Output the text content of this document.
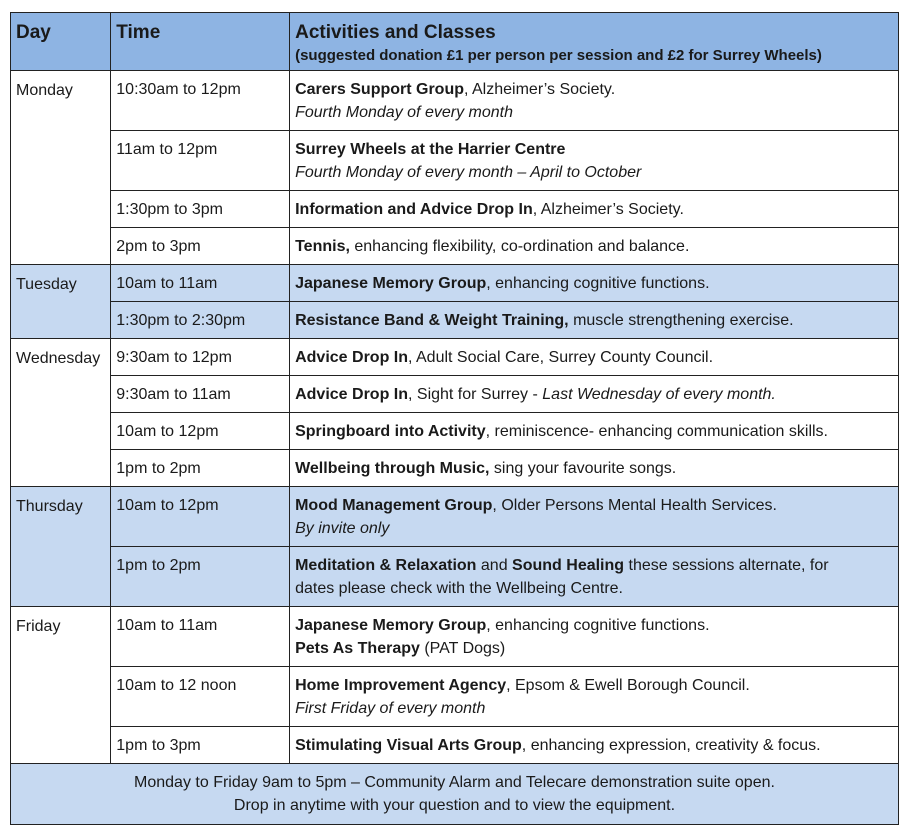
Day	Time	Activities and Classes
(suggested donation £1 per person per session and £2 for Surrey Wheels)

Monday	10:30am to 12pm	Carers Support Group, Alzheimer’s Society.
Fourth Monday of every month

	11am to 12pm	Surrey Wheels at the Harrier Centre
Fourth Monday of every month – April to October

	1:30pm to 3pm	Information and Advice Drop In, Alzheimer’s Society.

	2pm to 3pm	Tennis, enhancing flexibility, co-ordination and balance.

Tuesday	10am to 11am	Japanese Memory Group, enhancing cognitive functions.

	1:30pm to 2:30pm	Resistance Band & Weight Training, muscle strengthening exercise.

Wednesday	9:30am to 12pm	Advice Drop In, Adult Social Care, Surrey County Council.

	9:30am to 11am	Advice Drop In, Sight for Surrey - Last Wednesday of every month.

	10am to 12pm	Springboard into Activity, reminiscence- enhancing communication skills.

	1pm to 2pm	Wellbeing through Music, sing your favourite songs.

Thursday	10am to 12pm	Mood Management Group, Older Persons Mental Health Services.
By invite only

	1pm to 2pm	Meditation & Relaxation and Sound Healing these sessions alternate, for
dates please check with the Wellbeing Centre.

Friday	10am to 11am	Japanese Memory Group, enhancing cognitive functions.
Pets As Therapy (PAT Dogs)

	10am to 12 noon	Home Improvement Agency, Epsom & Ewell Borough Council.
First Friday of every month

	1pm to 3pm	Stimulating Visual Arts Group, enhancing expression, creativity & focus.

Monday to Friday 9am to 5pm – Community Alarm and Telecare demonstration suite open.
Drop in anytime with your question and to view the equipment.		
